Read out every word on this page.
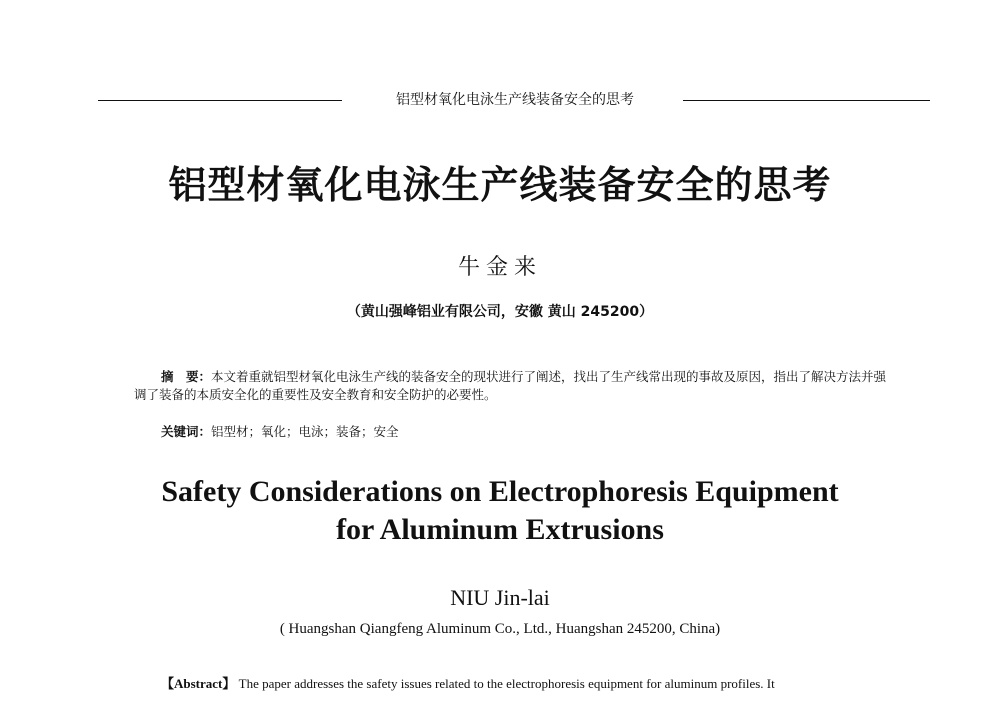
铝型材氧化电泳生产线装备安全的思考
铝型材氧化电泳生产线装备安全的思考
牛金来
（黄山强峰铝业有限公司，安徽 黄山 245200）

摘　要：本文着重就铝型材氧化电泳生产线的装备安全的现状进行了阐述，找出了生产线常出现的事故及原因，指出了解决方法并强调了装备的本质安全化的重要性及安全教育和安全防护的必要性。

关键词：铝型材；氧化；电泳；装备；安全
Safety Considerations on Electrophoresis Equipment
for Aluminum Extrusions
NIU Jin-lai
( Huangshan Qiangfeng Aluminum Co., Ltd., Huangshan 245200, China)
【Abstract】 The paper addresses the safety issues related to the electrophoresis equipment for aluminum profiles. It
